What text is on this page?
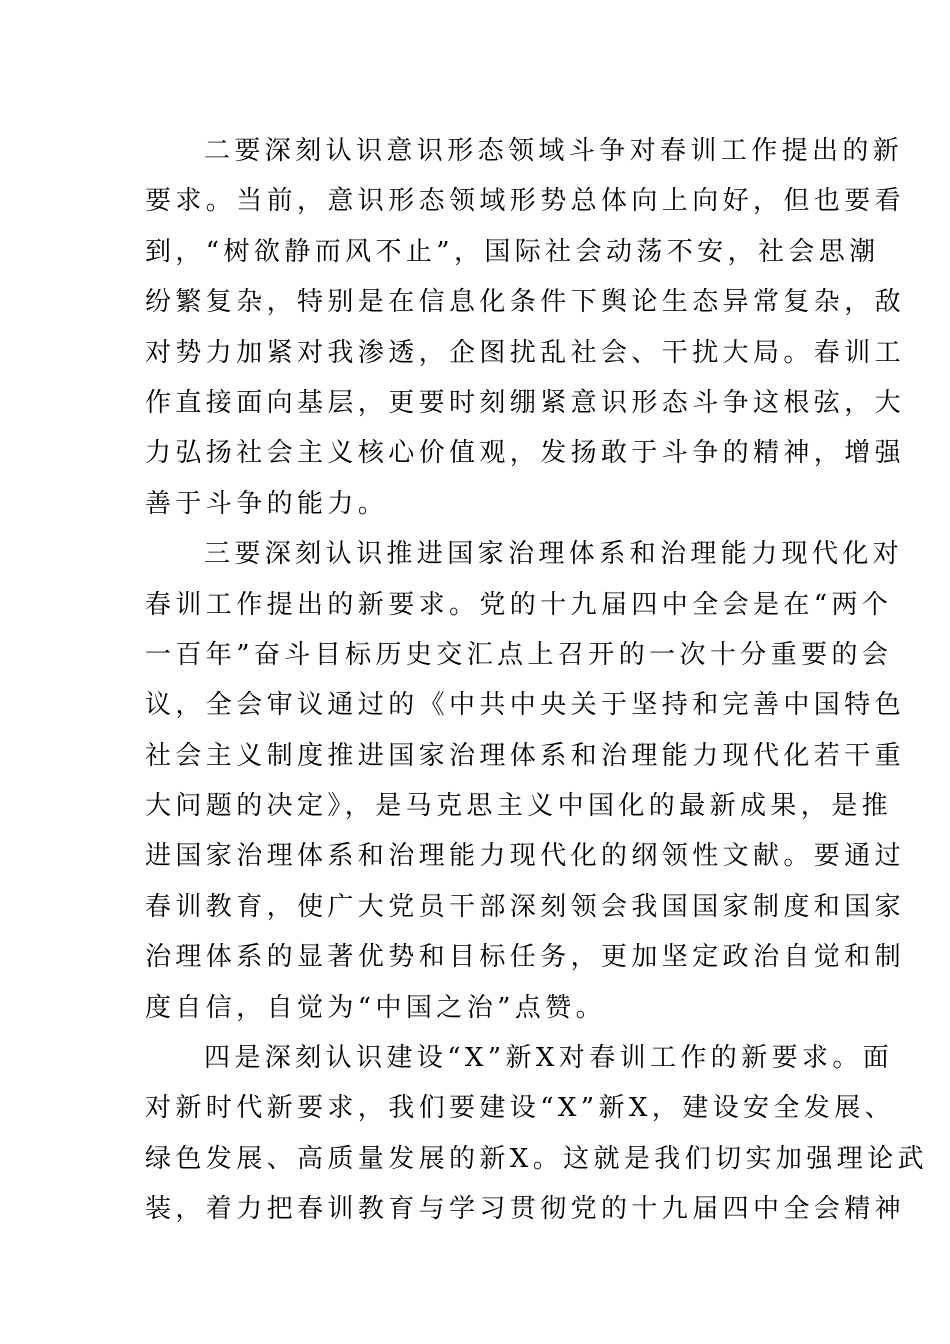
二要深刻认识意识形态领域斗争对春训工作提出的新
要求。当前，意识形态领域形势总体向上向好，但也要看
到，“树欲静而风不止”，国际社会动荡不安，社会思潮
纷繁复杂，特别是在信息化条件下舆论生态异常复杂，敌
对势力加紧对我渗透，企图扰乱社会、干扰大局。春训工
作直接面向基层，更要时刻绷紧意识形态斗争这根弦，大
力弘扬社会主义核心价值观，发扬敢于斗争的精神，增强
善于斗争的能力。
三要深刻认识推进国家治理体系和治理能力现代化对
春训工作提出的新要求。党的十九届四中全会是在“两个
一百年”奋斗目标历史交汇点上召开的一次十分重要的会
议，全会审议通过的《中共中央关于坚持和完善中国特色
社会主义制度推进国家治理体系和治理能力现代化若干重
大问题的决定》，是马克思主义中国化的最新成果，是推
进国家治理体系和治理能力现代化的纲领性文献。要通过
春训教育，使广大党员干部深刻领会我国国家制度和国家
治理体系的显著优势和目标任务，更加坚定政治自觉和制
度自信，自觉为“中国之治”点赞。
四是深刻认识建设“X”新X对春训工作的新要求。面
对新时代新要求，我们要建设“X”新X，建设安全发展、
绿色发展、高质量发展的新X。这就是我们切实加强理论武
装，着力把春训教育与学习贯彻党的十九届四中全会精神
